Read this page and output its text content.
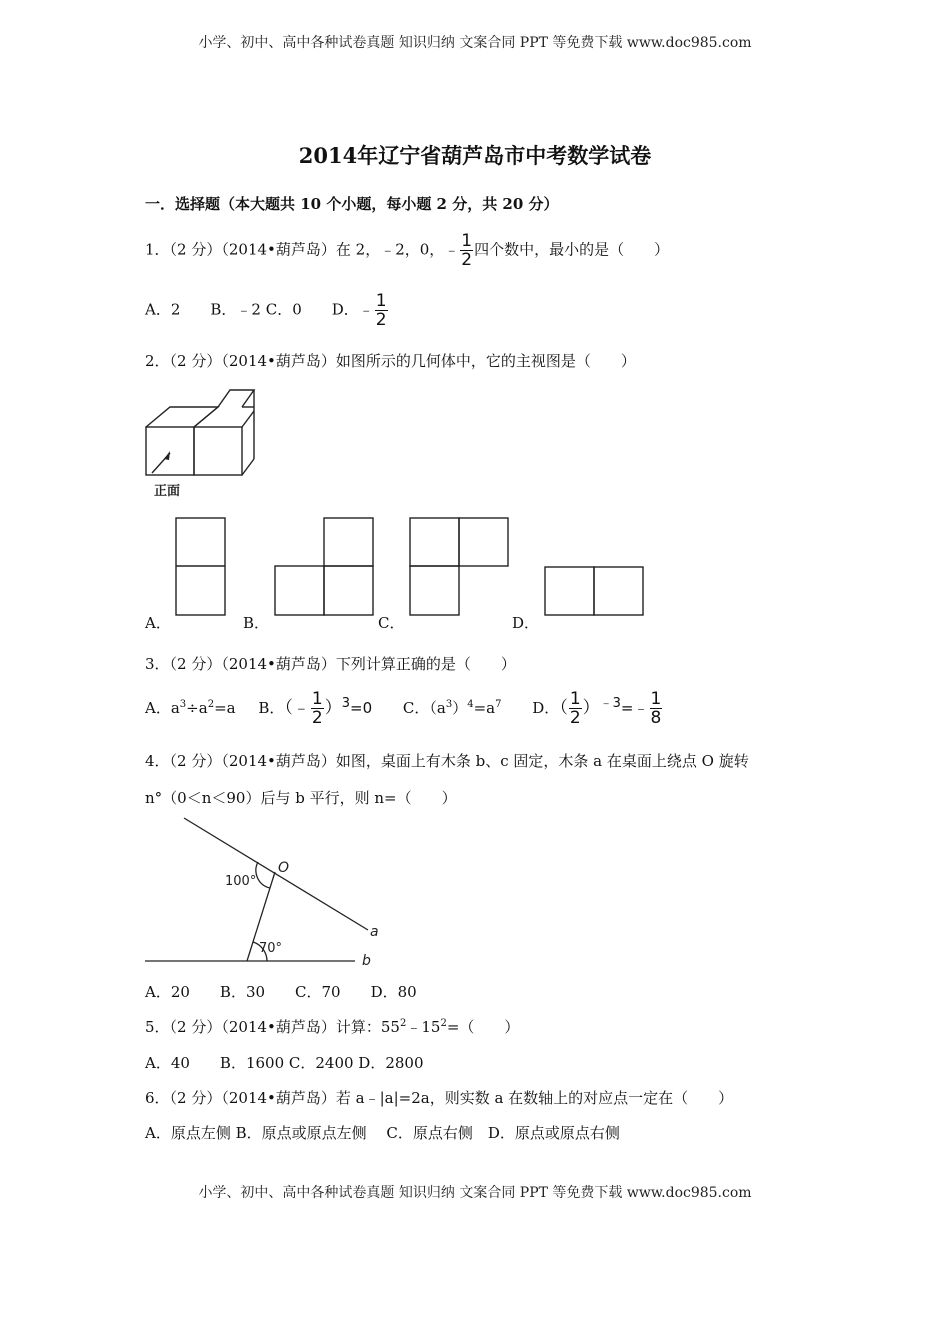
小学、初中、高中各种试卷真题 知识归纳 文案合同 PPT 等免费下载 www.doc985.com
2014年辽宁省葫芦岛市中考数学试卷
一．选择题（本大题共 10 个小题，每小题 2 分，共 20 分）
1．（2 分）（2014•葫芦岛）在 2，﹣2，0，﹣ $\frac{1}{2}$ 四个数中，最小的是（　　）
A．2　　B．﹣2 C．0　　D．﹣ $\frac{1}{2}$
2．（2 分）（2014•葫芦岛）如图所示的几何体中，它的主视图是（　　）
正面
A．	B．	C．	D．
3．（2 分）（2014•葫芦岛）下列计算正确的是（　　）
A．$a^3\div a^2=a$ B．（﹣ $\frac{1}{2} )^3=0$ C．$(a^3)^4=a^7$ D．（ $\frac{1}{2}$ ）$^{﹣3}$=﹣ $\frac{1}{8}$
4．（2 分）（2014•葫芦岛）如图，桌面上有木条 b、c 固定，木条 a 在桌面上绕点 O 旋转
n°（0＜n＜90）后与 b 平行，则 n=（　　）
100°
70°
O
a
b
A．20　　B．30　　C．70　　D．80
5．（2 分）（2014•葫芦岛）计算：$55^2﹣15^2=$（　　）
A．40　　B．1600 C．2400 D．2800
6．（2 分）（2014•葫芦岛）若 a﹣|a|=2a，则实数 a 在数轴上的对应点一定在（　　）
A．原点左侧 B．原点或原点左侧　 C．原点右侧　D．原点或原点右侧
小学、初中、高中各种试卷真题 知识归纳 文案合同 PPT 等免费下载 www.doc985.com
